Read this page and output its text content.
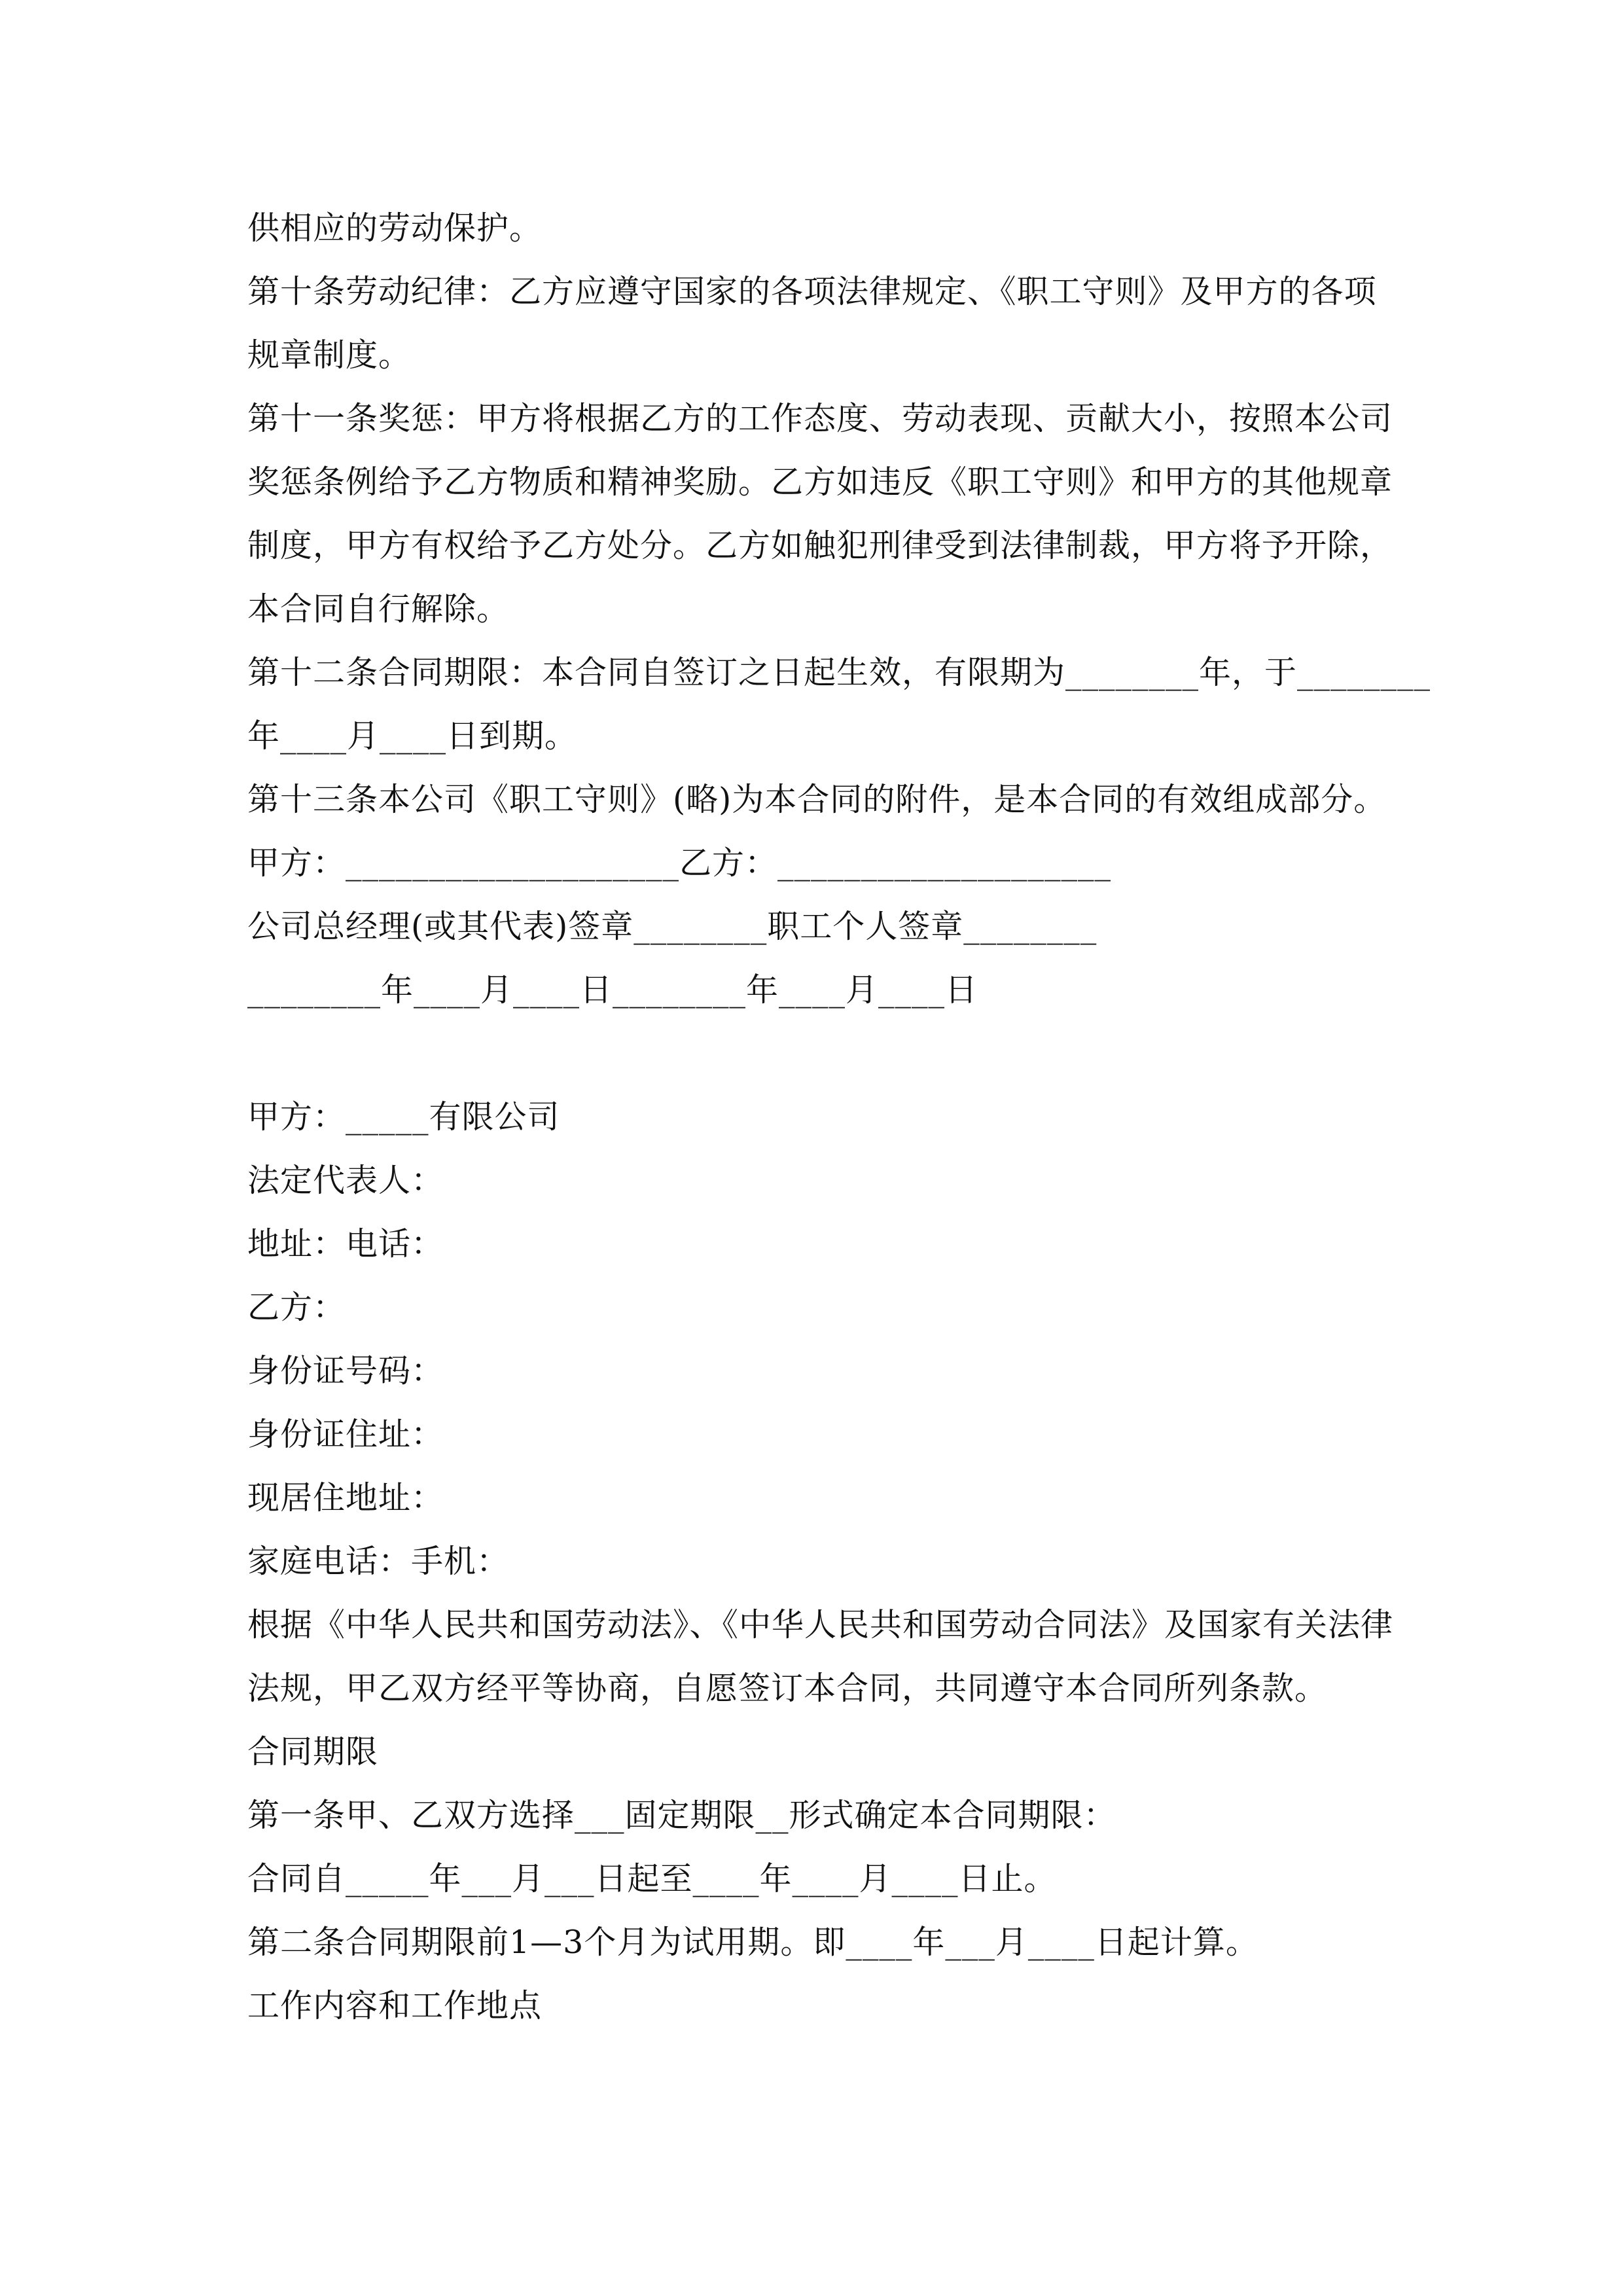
供相应的劳动保护。
第十条劳动纪律：乙方应遵守国家的各项法律规定、《职工守则》及甲方的各项
规章制度。
第十一条奖惩：甲方将根据乙方的工作态度、劳动表现、贡献大小，按照本公司
奖惩条例给予乙方物质和精神奖励。乙方如违反《职工守则》和甲方的其他规章
制度，甲方有权给予乙方处分。乙方如触犯刑律受到法律制裁，甲方将予开除，
本合同自行解除。
第十二条合同期限：本合同自签订之日起生效，有限期为________年，于________
年____月____日到期。
第十三条本公司《职工守则》(略)为本合同的附件，是本合同的有效组成部分。
甲方：____________________乙方：____________________
公司总经理(或其代表)签章________职工个人签章________
________年____月____日________年____月____日
甲方：_____有限公司
法定代表人：
地址：电话：
乙方：
身份证号码：
身份证住址：
现居住地址：
家庭电话：手机：
根据《中华人民共和国劳动法》、《中华人民共和国劳动合同法》及国家有关法律
法规，甲乙双方经平等协商，自愿签订本合同，共同遵守本合同所列条款。
合同期限
第一条甲、乙双方选择___固定期限__形式确定本合同期限：
合同自_____年___月___日起至____年____月____日止。
第二条合同期限前1—3个月为试用期。即____年___月____日起计算。
工作内容和工作地点
